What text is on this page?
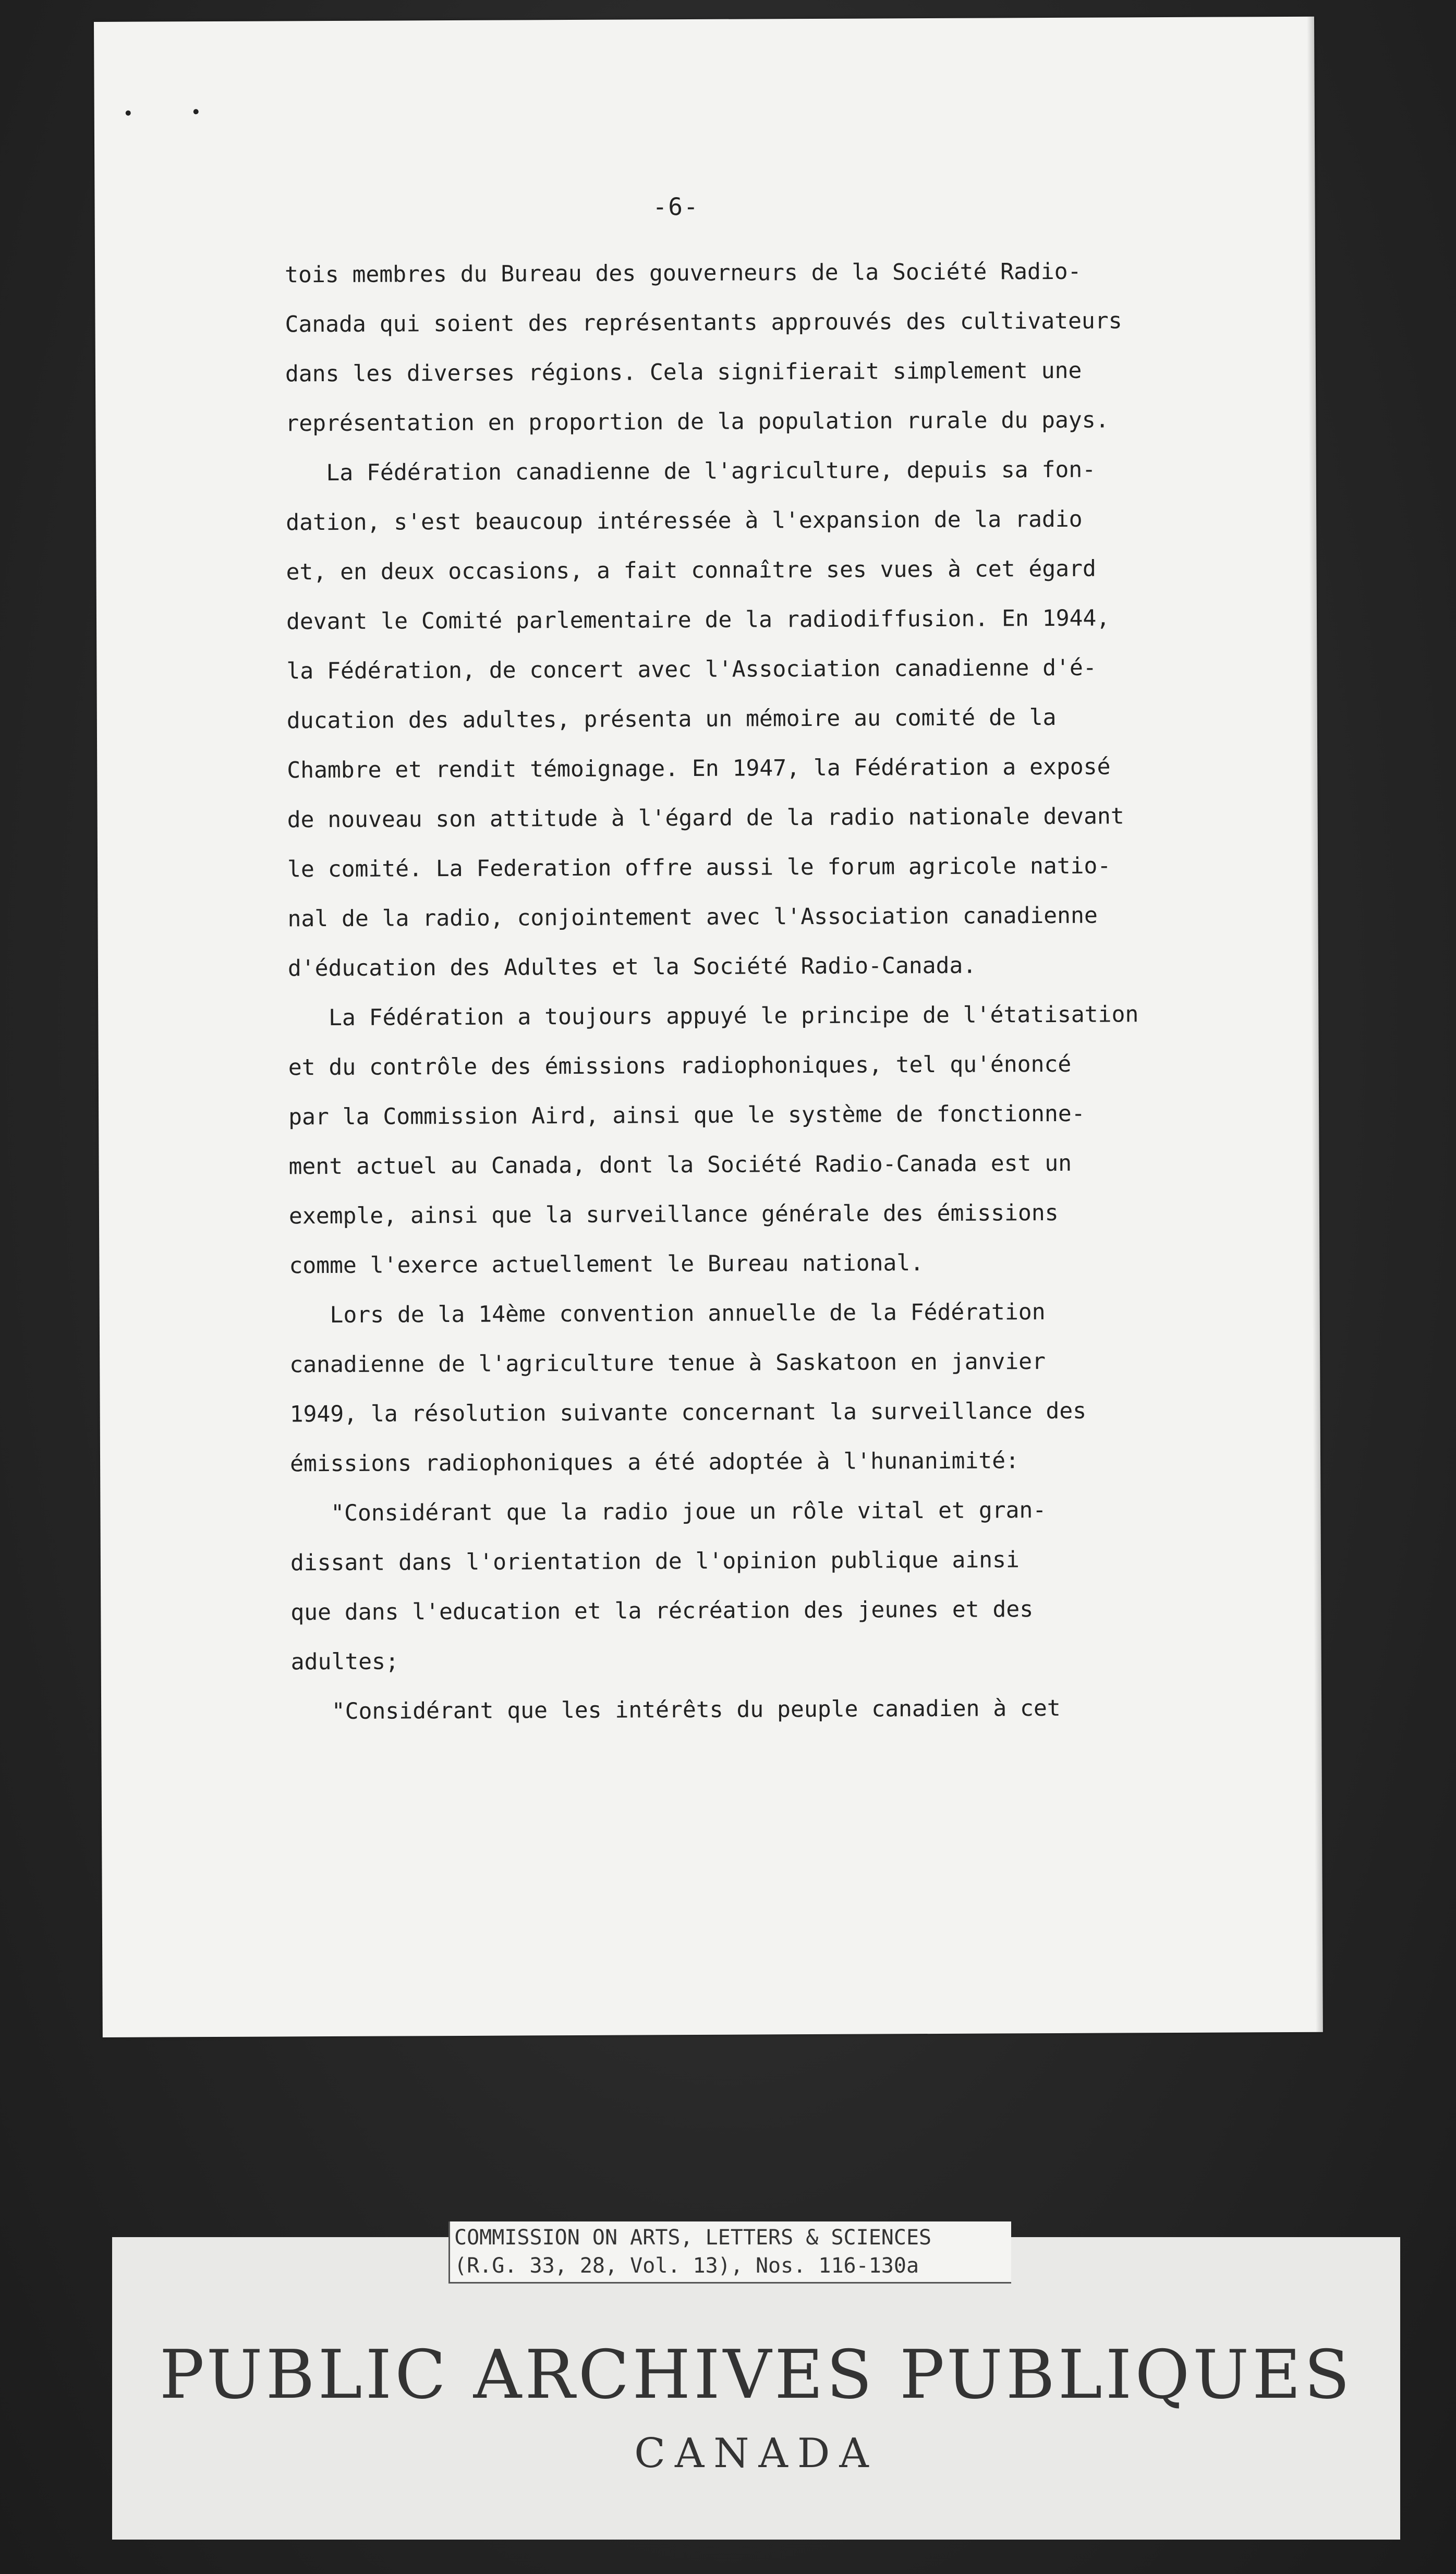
-6-
tois membres du Bureau des gouverneurs de la Société Radio-
Canada qui soient des représentants approuvés des cultivateurs
dans les diverses régions. Cela signifierait simplement une
représentation en proportion de la population rurale du pays.
La Fédération canadienne de l'agriculture, depuis sa fon-
dation, s'est beaucoup intéressée à l'expansion de la radio
et, en deux occasions, a fait connaître ses vues à cet égard
devant le Comité parlementaire de la radiodiffusion. En 1944,
la Fédération, de concert avec l'Association canadienne d'é-
ducation des adultes, présenta un mémoire au comité de la
Chambre et rendit témoignage. En 1947, la Fédération a exposé
de nouveau son attitude à l'égard de la radio nationale devant
le comité. La Federation offre aussi le forum agricole natio-
nal de la radio, conjointement avec l'Association canadienne
d'éducation des Adultes et la Société Radio-Canada.
La Fédération a toujours appuyé le principe de l'étatisation
et du contrôle des émissions radiophoniques, tel qu'énoncé
par la Commission Aird, ainsi que le système de fonctionne-
ment actuel au Canada, dont la Société Radio-Canada est un
exemple, ainsi que la surveillance générale des émissions
comme l'exerce actuellement le Bureau national.
Lors de la 14ème convention annuelle de la Fédération
canadienne de l'agriculture tenue à Saskatoon en janvier
1949, la résolution suivante concernant la surveillance des
émissions radiophoniques a été adoptée à l'hunanimité:
"Considérant que la radio joue un rôle vital et gran-
dissant dans l'orientation de l'opinion publique ainsi
que dans l'education et la récréation des jeunes et des
adultes;
"Considérant que les intérêts du peuple canadien à cet
COMMISSION ON ARTS, LETTERS & SCIENCES
(R.G. 33, 28, Vol. 13), Nos. 116-130a
PUBLIC ARCHIVES PUBLIQUES
CANADA
